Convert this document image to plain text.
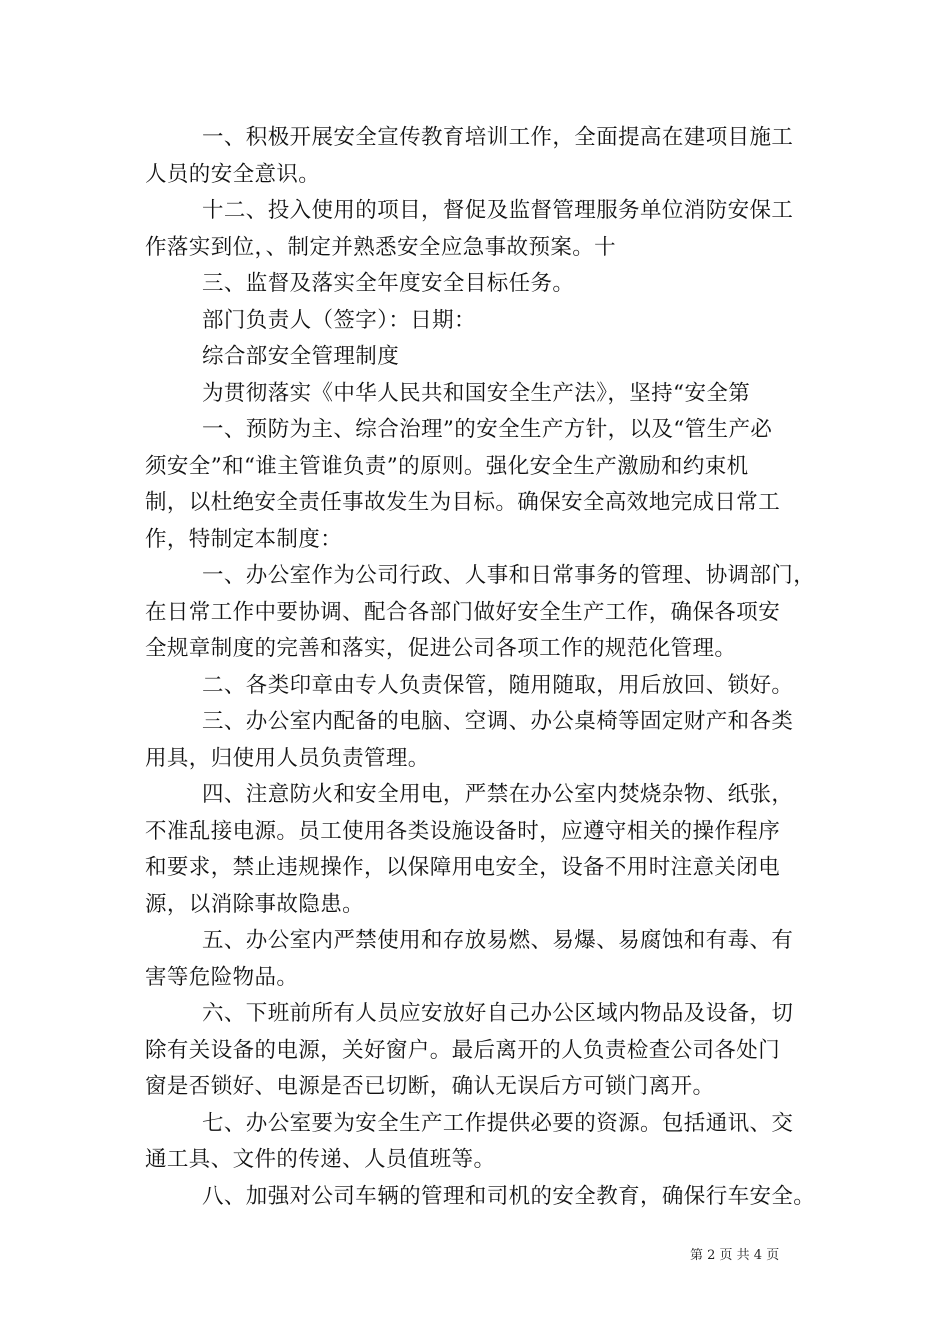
一、积极开展安全宣传教育培训工作，全面提高在建项目施工
人员的安全意识。
十二、投入使用的项目，督促及监督管理服务单位消防安保工
作落实到位，、制定并熟悉安全应急事故预案。十
三、监督及落实全年度安全目标任务。
部门负责人（签字）：日期：
综合部安全管理制度
为贯彻落实《中华人民共和国安全生产法》，坚持“安全第
一、预防为主、综合治理”的安全生产方针，以及“管生产必
须安全”和“谁主管谁负责”的原则。强化安全生产激励和约束机
制，以杜绝安全责任事故发生为目标。确保安全高效地完成日常工
作，特制定本制度：
一、办公室作为公司行政、人事和日常事务的管理、协调部门，
在日常工作中要协调、配合各部门做好安全生产工作，确保各项安
全规章制度的完善和落实，促进公司各项工作的规范化管理。
二、各类印章由专人负责保管，随用随取，用后放回、锁好。
三、办公室内配备的电脑、空调、办公桌椅等固定财产和各类
用具，归使用人员负责管理。
四、注意防火和安全用电，严禁在办公室内焚烧杂物、纸张，
不准乱接电源。员工使用各类设施设备时，应遵守相关的操作程序
和要求，禁止违规操作，以保障用电安全，设备不用时注意关闭电
源，以消除事故隐患。
五、办公室内严禁使用和存放易燃、易爆、易腐蚀和有毒、有
害等危险物品。
六、下班前所有人员应安放好自己办公区域内物品及设备，切
除有关设备的电源，关好窗户。最后离开的人负责检查公司各处门
窗是否锁好、电源是否已切断，确认无误后方可锁门离开。
七、办公室要为安全生产工作提供必要的资源。包括通讯、交
通工具、文件的传递、人员值班等。
八、加强对公司车辆的管理和司机的安全教育，确保行车安全。
第 2 页 共 4 页
